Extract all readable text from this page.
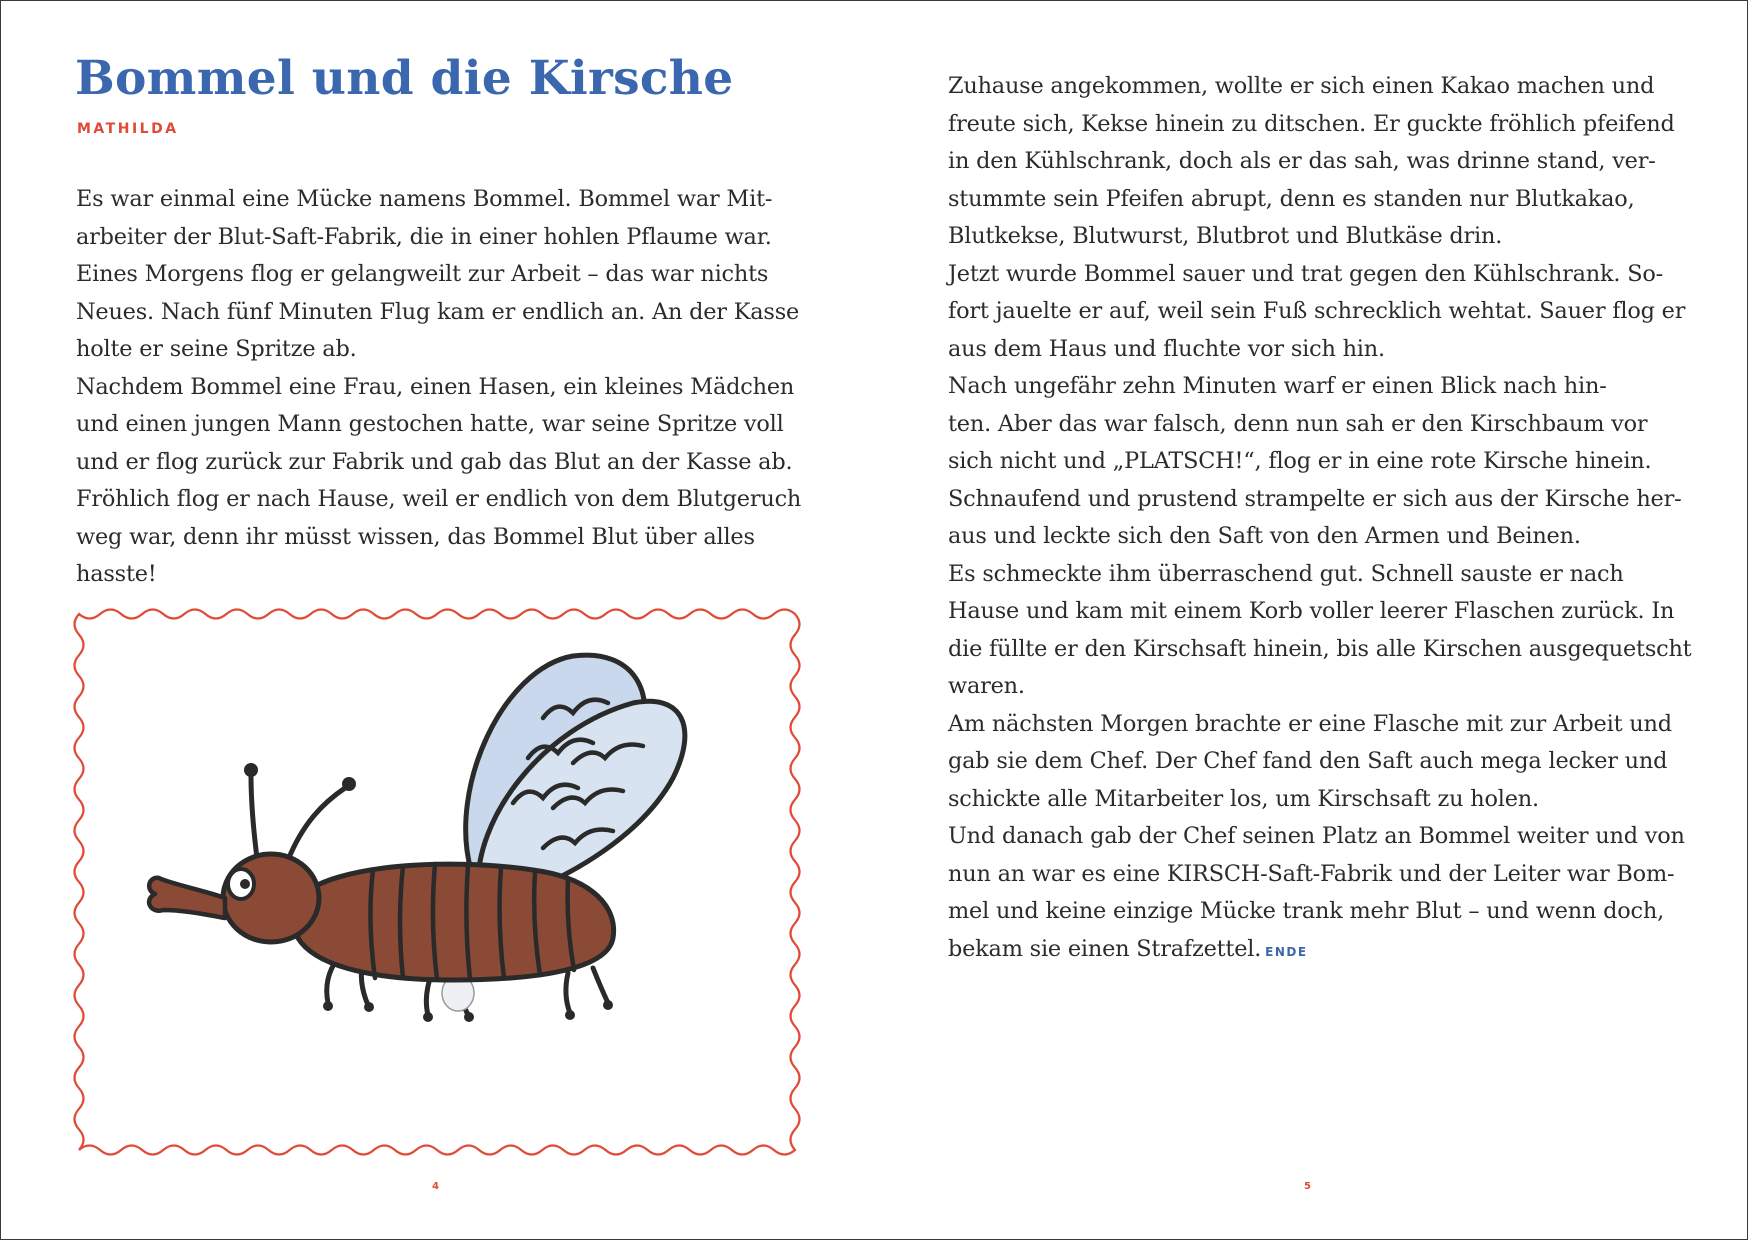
Bommel und die Kirsche
MATHILDA
Es war einmal eine Mücke namens Bommel. Bommel war Mit-
arbeiter der Blut-Saft-Fabrik, die in einer hohlen Pflaume war.
Eines Morgens flog er gelangweilt zur Arbeit – das war nichts
Neues. Nach fünf Minuten Flug kam er endlich an. An der Kasse
holte er seine Spritze ab.
Nachdem Bommel eine Frau, einen Hasen, ein kleines Mädchen
und einen jungen Mann gestochen hatte, war seine Spritze voll
und er flog zurück zur Fabrik und gab das Blut an der Kasse ab.
Fröhlich flog er nach Hause, weil er endlich von dem Blutgeruch
weg war, denn ihr müsst wissen, das Bommel Blut über alles
hasste!
4
Zuhause angekommen, wollte er sich einen Kakao machen und
freute sich, Kekse hinein zu ditschen. Er guckte fröhlich pfeifend
in den Kühlschrank, doch als er das sah, was drinne stand, ver-
stummte sein Pfeifen abrupt, denn es standen nur Blutkakao,
Blutkekse, Blutwurst, Blutbrot und Blutkäse drin.
Jetzt wurde Bommel sauer und trat gegen den Kühlschrank. So-
fort jauelte er auf, weil sein Fuß schrecklich wehtat. Sauer flog er
aus dem Haus und fluchte vor sich hin.
Nach ungefähr zehn Minuten warf er einen Blick nach hin-
ten. Aber das war falsch, denn nun sah er den Kirschbaum vor
sich nicht und „PLATSCH!“, flog er in eine rote Kirsche hinein.
Schnaufend und prustend strampelte er sich aus der Kirsche her-
aus und leckte sich den Saft von den Armen und Beinen.
Es schmeckte ihm überraschend gut. Schnell sauste er nach
Hause und kam mit einem Korb voller leerer Flaschen zurück. In
die füllte er den Kirschsaft hinein, bis alle Kirschen ausgequetscht
waren.
Am nächsten Morgen brachte er eine Flasche mit zur Arbeit und
gab sie dem Chef. Der Chef fand den Saft auch mega lecker und
schickte alle Mitarbeiter los, um Kirschsaft zu holen.
Und danach gab der Chef seinen Platz an Bommel weiter und von
nun an war es eine KIRSCH-Saft-Fabrik und der Leiter war Bom-
mel und keine einzige Mücke trank mehr Blut – und wenn doch,
bekam sie einen Strafzettel. ENDE
5
